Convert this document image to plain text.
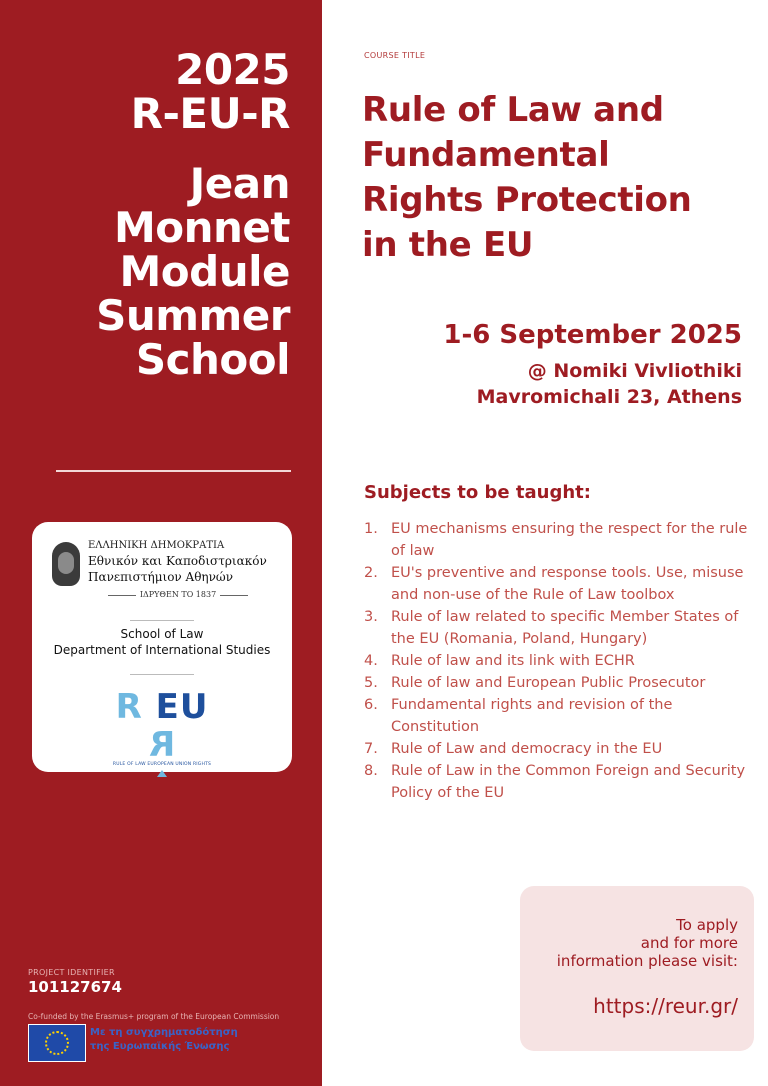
2025
R-EU-R
Jean
Monnet
Module
Summer
School
ΕΛΛΗΝΙΚΗ ΔΗΜΟΚΡΑΤΙΑ
Εθνικόν και Καποδιστριακόν
Πανεπιστήμιον Αθηνών
ΙΔΡΥΘΕΝ ΤΟ 1837
School of Law
Department of International Studies
R EU R
RULE OF LAW EUROPEAN UNION RIGHTS
PROJECT IDENTIFIER
101127674
Co-funded by the Erasmus+ program of the European Commission
Με τη συγχρηματοδότηση
της Ευρωπαϊκής Ένωσης
COURSE TITLE
Rule of Law and
Fundamental
Rights Protection
in the EU
1-6 September 2025
@ Nomiki Vivliothiki
Mavromichali 23, Athens
Subjects to be taught:
1. EU mechanisms ensuring the respect for the rule of law
2. EU's preventive and response tools. Use, misuse and non-use of the Rule of Law toolbox
3. Rule of law related to specific Member States of the EU (Romania, Poland, Hungary)
4. Rule of law and its link with ECHR
5. Rule of law and European Public Prosecutor
6. Fundamental rights and revision of the Constitution
7. Rule of Law and democracy in the EU
8. Rule of Law in the Common Foreign and Security Policy of the EU
To apply
and for more
information please visit:
https://reur.gr/
